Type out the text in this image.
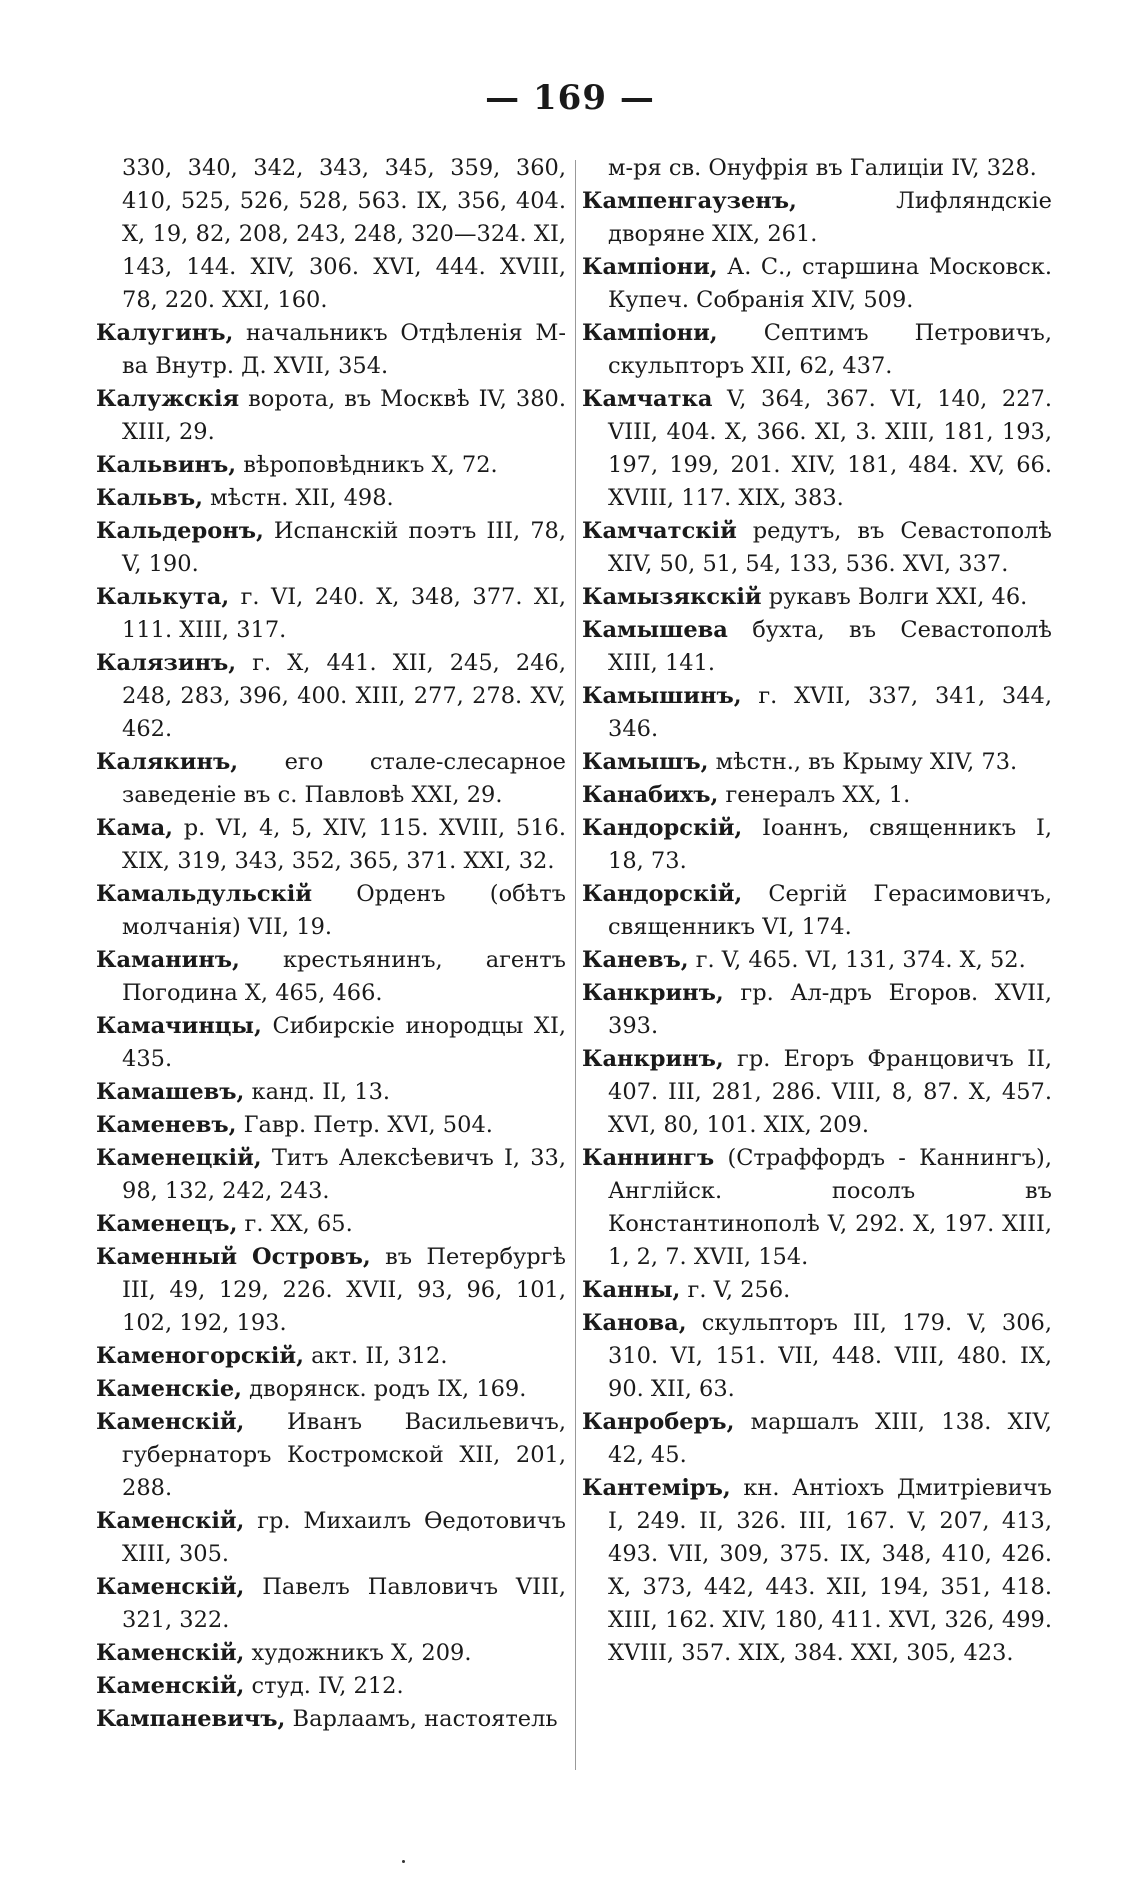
— 169 —

330, 340, 342, 343, 345, 359, 360, 410, 525, 526, 528, 563. IX, 356, 404. X, 19, 82, 208, 243, 248, 320—324. XI, 143, 144. XIV, 306. XVI, 444. XVIII, 78, 220. XXI, 160.

Калугинъ, начальникъ Отдѣленія М-ва Внутр. Д. XVII, 354.

Калужскія ворота, въ Москвѣ IV, 380. XIII, 29.

Кальвинъ, вѣроповѣдникъ X, 72.

Кальвъ, мѣстн. XII, 498.

Кальдеронъ, Испанскій поэтъ III, 78, V, 190.

Калькута, г. VI, 240. X, 348, 377. XI, 111. XIII, 317.

Калязинъ, г. X, 441. XII, 245, 246, 248, 283, 396, 400. XIII, 277, 278. XV, 462.

Калякинъ, его стале-слесарное заведеніе въ с. Павловѣ XXI, 29.

Кама, р. VI, 4, 5, XIV, 115. XVIII, 516. XIX, 319, 343, 352, 365, 371. XXI, 32.

Камальдульскій Орденъ (обѣтъ молчанія) VII, 19.

Каманинъ, крестьянинъ, агентъ Погодина X, 465, 466.

Камачинцы, Сибирскіе инородцы XI, 435.

Камашевъ, канд. II, 13.

Каменевъ, Гавр. Петр. XVI, 504.

Каменецкій, Титъ Алексѣевичъ I, 33, 98, 132, 242, 243.

Каменецъ, г. XX, 65.

Каменный Островъ, въ Петербургѣ III, 49, 129, 226. XVII, 93, 96, 101, 102, 192, 193.

Каменогорскій, акт. II, 312.

Каменскіе, дворянск. родъ IX, 169.

Каменскій, Иванъ Васильевичъ, губернаторъ Костромской XII, 201, 288.

Каменскій, гр. Михаилъ Өедотовичъ XIII, 305.

Каменскій, Павелъ Павловичъ VIII, 321, 322.

Каменскій, художникъ X, 209.

Каменскій, студ. IV, 212.

Kампаневичъ, Варлаамъ, настоятель

м-ря св. Онуфрія въ Галиціи IV, 328.

Кампенгаузенъ, Лифляндскіе дворяне XIX, 261.

Кампіони, А. С., старшина Московск. Купеч. Собранія XIV, 509.

Кампіони, Септимъ Петровичъ, скульпторъ XII, 62, 437.

Камчатка V, 364, 367. VI, 140, 227. VIII, 404. X, 366. XI, 3. XIII, 181, 193, 197, 199, 201. XIV, 181, 484. XV, 66. XVIII, 117. XIX, 383.

Камчатскій редутъ, въ Севастополѣ XIV, 50, 51, 54, 133, 536. XVI, 337.

Камызякскій рукавъ Волги XXI, 46.

Камышева бухта, въ Севастополѣ XIII, 141.

Камышинъ, г. XVII, 337, 341, 344, 346.

Камышъ, мѣстн., въ Крыму XIV, 73.

Канабихъ, генералъ XX, 1.

Кандорскій, Іоаннъ, священникъ I, 18, 73.

Кандорскій, Сергій Герасимовичъ, священникъ VI, 174.

Каневъ, г. V, 465. VI, 131, 374. X, 52.

Канкринъ, гр. Ал-дръ Егоров. XVII, 393.

Канкринъ, гр. Егоръ Францовичъ II, 407. III, 281, 286. VIII, 8, 87. X, 457. XVI, 80, 101. XIX, 209.

Каннингъ (Страффордъ - Каннингъ), Англійск. посолъ въ Константинополѣ V, 292. X, 197. XIII, 1, 2, 7. XVII, 154.

Канны, г. V, 256.

Канова, скульпторъ III, 179. V, 306, 310. VI, 151. VII, 448. VIII, 480. IX, 90. XII, 63.

Канроберъ, маршалъ XIII, 138. XIV, 42, 45.

Кантеміръ, кн. Антіохъ Дмитріевичъ I, 249. II, 326. III, 167. V, 207, 413, 493. VII, 309, 375. IX, 348, 410, 426. X, 373, 442, 443. XII, 194, 351, 418. XIII, 162. XIV, 180, 411. XVI, 326, 499. XVIII, 357. XIX, 384. XXI, 305, 423.
